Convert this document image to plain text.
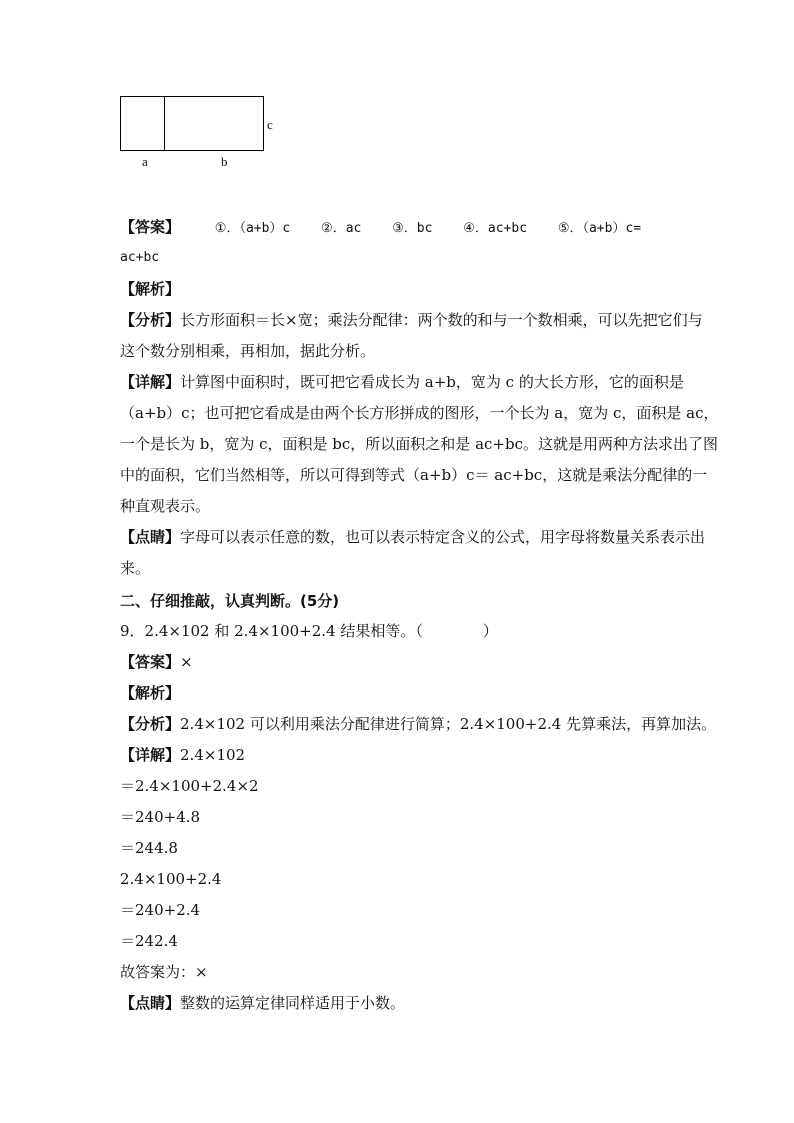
a	b
c
【答案】	①．（a+b）c ②．ac ③．bc ④．ac+bc ⑤．（a+b）c=
ac+bc
【解析】
【分析】长方形面积＝长×宽；乘法分配律：两个数的和与一个数相乘，可以先把它们与
这个数分别相乘，再相加，据此分析。
【详解】计算图中面积时，既可把它看成长为 a+b，宽为 c 的大长方形，它的面积是
（a+b）c；也可把它看成是由两个长方形拼成的图形，一个长为 a，宽为 c，面积是 ac，
一个是长为 b，宽为 c，面积是 bc，所以面积之和是 ac+bc。这就是用两种方法求出了图
中的面积，它们当然相等，所以可得到等式（a+b）c＝ ac+bc，这就是乘法分配律的一
种直观表示。
【点睛】字母可以表示任意的数，也可以表示特定含义的公式，用字母将数量关系表示出
来。
二、仔细推敲，认真判断。(5分)
9．2.4×102 和 2.4×100+2.4 结果相等。（　　　　）
【答案】×
【解析】
【分析】2.4×102 可以利用乘法分配律进行简算；2.4×100+2.4 先算乘法，再算加法。
【详解】2.4×102
＝2.4×100+2.4×2
＝240+4.8
＝244.8
2.4×100+2.4
＝240+2.4
＝242.4
故答案为：×
【点睛】整数的运算定律同样适用于小数。
